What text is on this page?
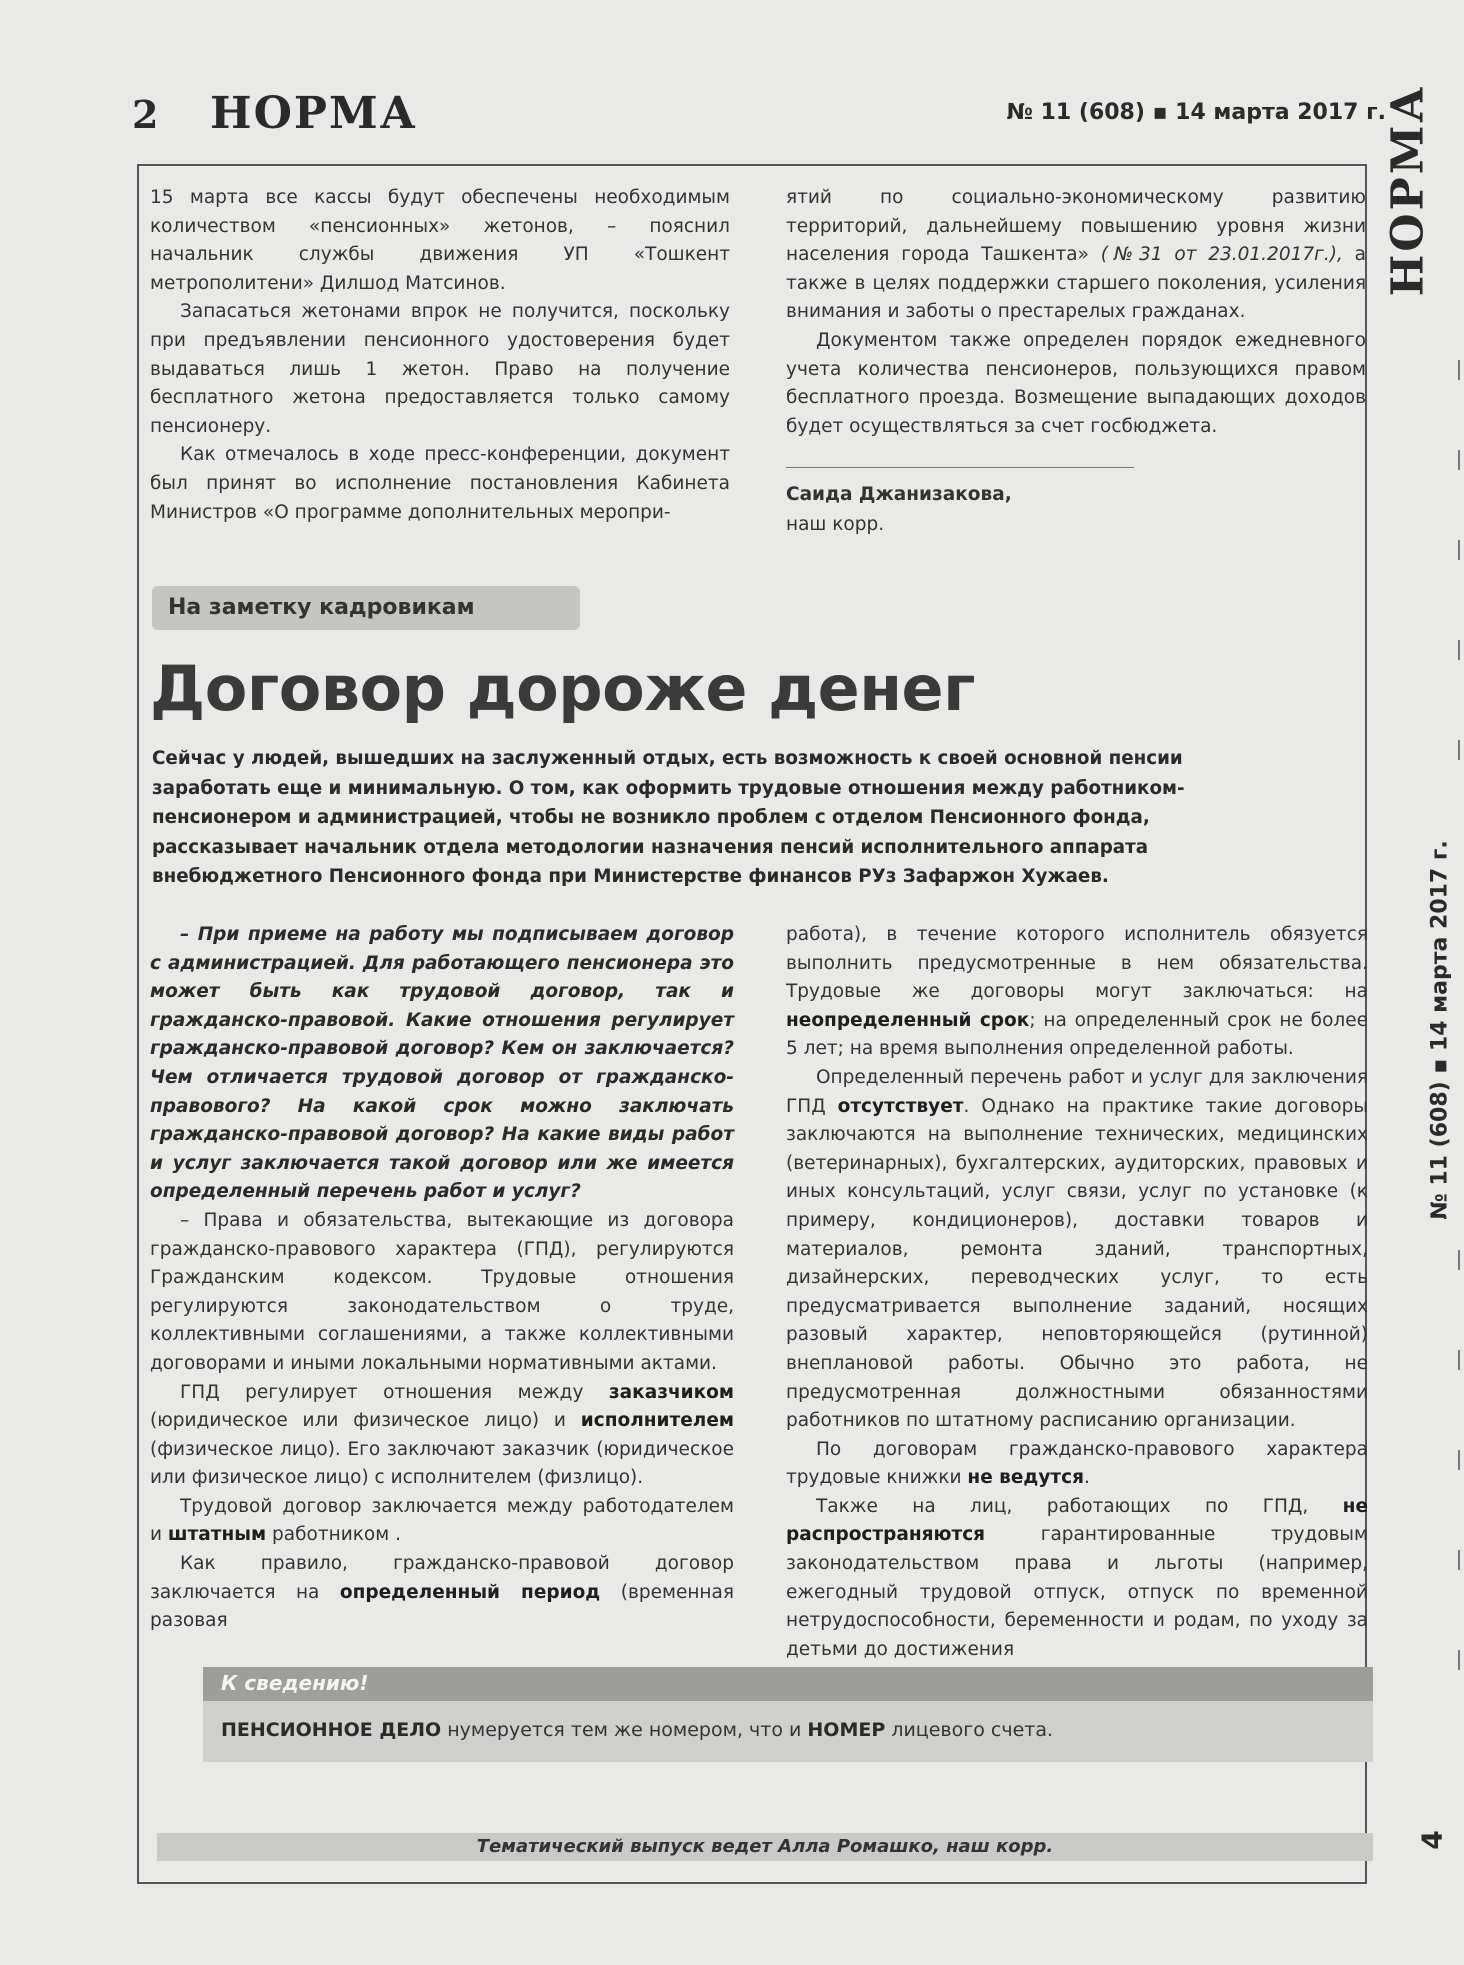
2 НОРМА	№ 11 (608) ▪ 14 марта 2017 г.
НОРМА
№ 11 (608) ▪ 14 марта 2017 г.
4

15 марта все кассы будут обеспечены необходимым количеством «пенсионных» жетонов, – пояснил начальник службы движения УП «Тошкент метрополитени» Дилшод Матсинов.

Запасаться жетонами впрок не получится, поскольку при предъявлении пенсионного удостоверения будет выдаваться лишь 1 жетон. Право на получение бесплатного жетона предоставляется только самому пенсионеру.

Как отмечалось в ходе пресс-конференции, документ был принят во исполнение постановления Кабинета Министров «О программе дополнительных меропри-

ятий по социально-экономическому развитию территорий, дальнейшему повышению уровня жизни населения города Ташкента» (№31 от 23.01.2017г.), а также в целях поддержки старшего поколения, усиления внимания и заботы о престарелых гражданах.

Документом также определен порядок ежедневного учета количества пенсионеров, пользующихся правом бесплатного проезда. Возмещение выпадающих доходов будет осуществляться за счет госбюджета.

Саида Джанизакова,
наш корр.
На заметку кадровикам
Договор дороже денег
Сейчас у людей, вышедших на заслуженный отдых, есть возможность к своей основной пенсии заработать еще и минимальную. О том, как оформить трудовые отношения между работником-пенсионером и администрацией, чтобы не возникло проблем с отделом Пенсионного фонда, рассказывает начальник отдела методологии назначения пенсий исполнительного аппарата внебюджетного Пенсионного фонда при Министерстве финансов РУз Зафаржон Хужаев.

– При приеме на работу мы подписываем договор с администрацией. Для работающего пенсионера это может быть как трудовой договор, так и гражданско-правовой. Какие отношения регулирует гражданско-правовой договор? Кем он заключается? Чем отличается трудовой договор от гражданско-правового? На какой срок можно заключать гражданско-правовой договор? На какие виды работ и услуг заключается такой договор или же имеется определенный перечень работ и услуг?

– Права и обязательства, вытекающие из договора гражданско-правового характера (ГПД), регулируются Гражданским кодексом. Трудовые отношения регулируются законодательством о труде, коллективными соглашениями, а также коллективными договорами и иными локальными нормативными актами.

ГПД регулирует отношения между заказчиком (юридическое или физическое лицо) и исполнителем (физическое лицо). Его заключают заказчик (юридическое или физическое лицо) с исполнителем (физлицо).

Трудовой договор заключается между работодателем и штатным работником .

Как правило, гражданско-правовой договор заключается на определенный период (временная разовая

работа), в течение которого исполнитель обязуется выполнить предусмотренные в нем обязательства. Трудовые же договоры могут заключаться: на неопределенный срок; на определенный срок не более 5 лет; на время выполнения определенной работы.

Определенный перечень работ и услуг для заключения ГПД отсутствует. Однако на практике такие договоры заключаются на выполнение технических, медицинских (ветеринарных), бухгалтерских, аудиторских, правовых и иных консультаций, услуг связи, услуг по установке (к примеру, кондиционеров), доставки товаров и материалов, ремонта зданий, транспортных, дизайнерских, переводческих услуг, то есть предусматривается выполнение заданий, носящих разовый характер, неповторяющейся (рутинной) внеплановой работы. Обычно это работа, не предусмотренная должностными обязанностями работников по штатному расписанию организации.

По договорам гражданско-правового характера трудовые книжки не ведутся.

Также на лиц, работающих по ГПД, не распространяются	гарантированные трудовым законодательством права и льготы (например, ежегодный трудовой отпуск, отпуск по временной нетрудоспособности, беременности и родам, по уходу за детьми до достижения

К сведению!
ПЕНСИОННОЕ ДЕЛО нумеруется тем же номером, что и НОМЕР лицевого счета.
Тематический выпуск ведет Алла Ромашко, наш корр.
